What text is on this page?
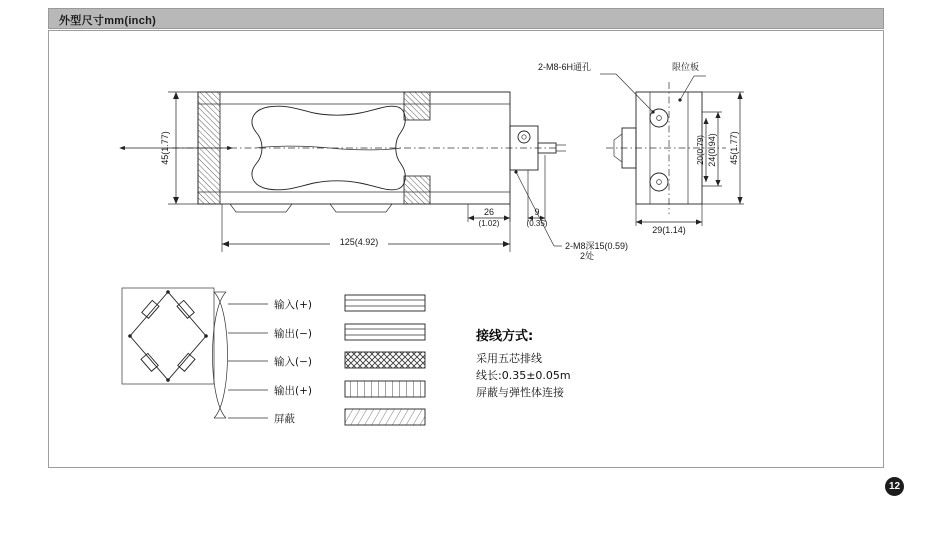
外型尺寸mm(inch)
45(1.77)
125(4.92)
26
(1.02)
9
(0.35)
2-M8深15(0.59)
2处
2-M8-6H通孔	限位板
20(0.79) 24(0.94) 45(1.77)
29(1.14)
输入(+)
输出(−)
输入(−)
输出(+)
屏蔽
接线方式:
采用五芯排线
线长:0.35±0.05m
屏蔽与弹性体连接
12
